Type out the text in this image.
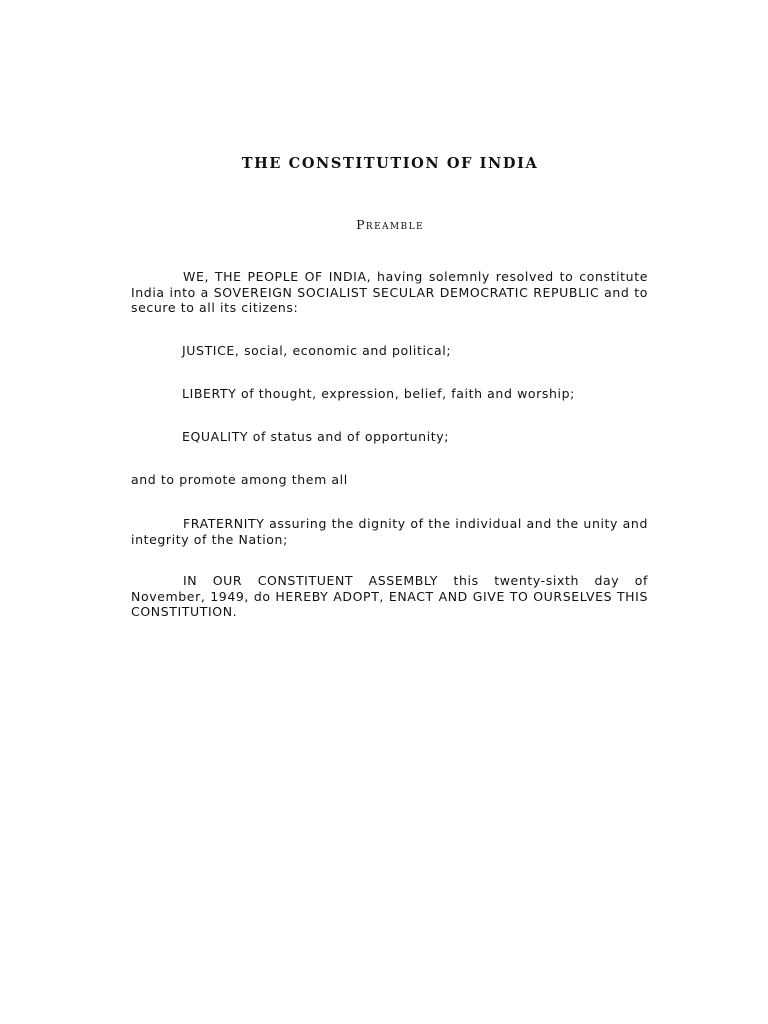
THE CONSTITUTION OF INDIA
Preamble

WE, THE PEOPLE OF INDIA, having solemnly resolved to constitute India into a SOVEREIGN SOCIALIST SECULAR DEMOCRATIC REPUBLIC and to secure to all its citizens:

JUSTICE, social, economic and political;

LIBERTY of thought, expression, belief, faith and worship;

EQUALITY of status and of opportunity;

and to promote among them all

FRATERNITY assuring the dignity of the individual and the unity and integrity of the Nation;

IN OUR CONSTITUENT ASSEMBLY this twenty-sixth day of November, 1949, do HEREBY ADOPT, ENACT AND GIVE TO OURSELVES THIS CONSTITUTION.
